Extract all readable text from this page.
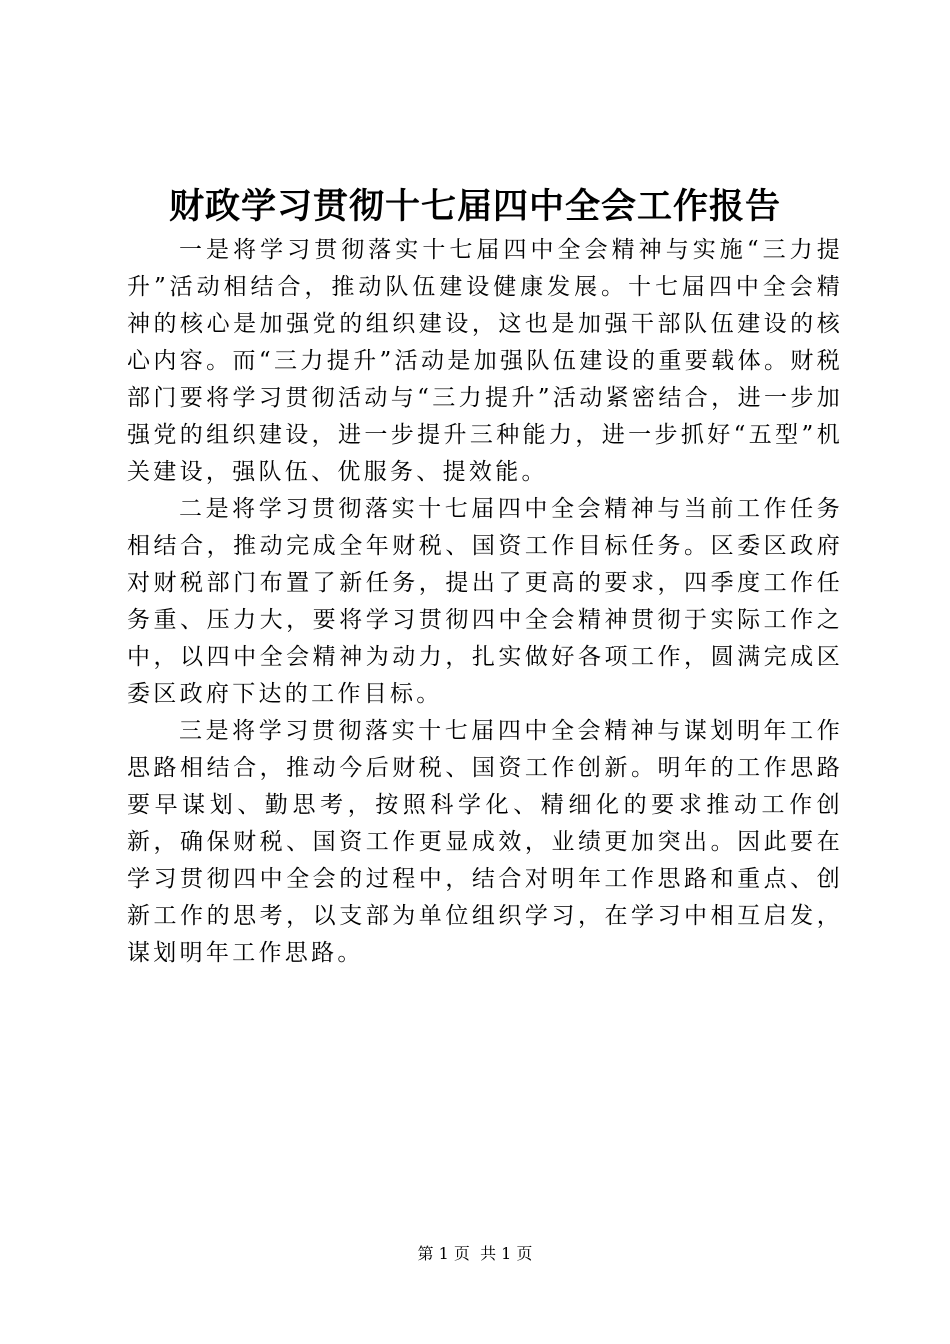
财政学习贯彻十七届四中全会工作报告

一是将学习贯彻落实十七届四中全会精神与实施“三力提升”活动相结合，推动队伍建设健康发展。十七届四中全会精神的核心是加强党的组织建设，这也是加强干部队伍建设的核心内容。而“三力提升”活动是加强队伍建设的重要载体。财税部门要将学习贯彻活动与“三力提升”活动紧密结合，进一步加强党的组织建设，进一步提升三种能力，进一步抓好“五型”机关建设，强队伍、优服务、提效能。

二是将学习贯彻落实十七届四中全会精神与当前工作任务相结合，推动完成全年财税、国资工作目标任务。区委区政府对财税部门布置了新任务，提出了更高的要求，四季度工作任务重、压力大，要将学习贯彻四中全会精神贯彻于实际工作之中，以四中全会精神为动力，扎实做好各项工作，圆满完成区委区政府下达的工作目标。

三是将学习贯彻落实十七届四中全会精神与谋划明年工作思路相结合，推动今后财税、国资工作创新。明年的工作思路要早谋划、勤思考，按照科学化、精细化的要求推动工作创新，确保财税、国资工作更显成效，业绩更加突出。因此要在学习贯彻四中全会的过程中，结合对明年工作思路和重点、创新工作的思考，以支部为单位组织学习，在学习中相互启发，谋划明年工作思路。

第 1 页  共 1 页
